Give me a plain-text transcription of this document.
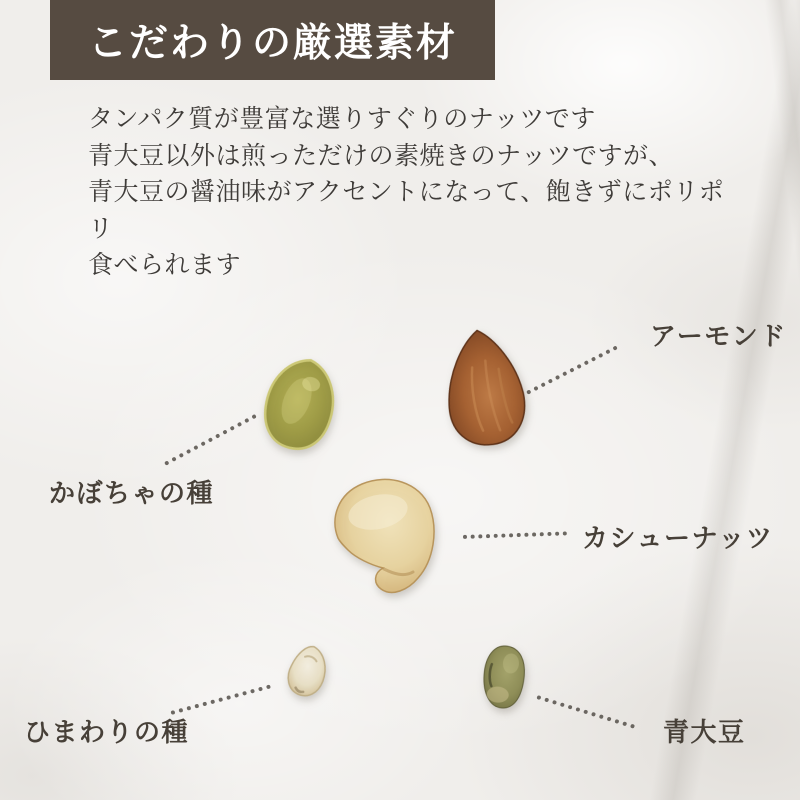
こだわりの厳選素材
タンパク質が豊富な選りすぐりのナッツです
青大豆以外は煎っただけの素焼きのナッツですが、
青大豆の醤油味がアクセントになって、飽きずにポリポリ
食べられます
アーモンド
かぼちゃの種
カシューナッツ
ひまわりの種	青大豆
